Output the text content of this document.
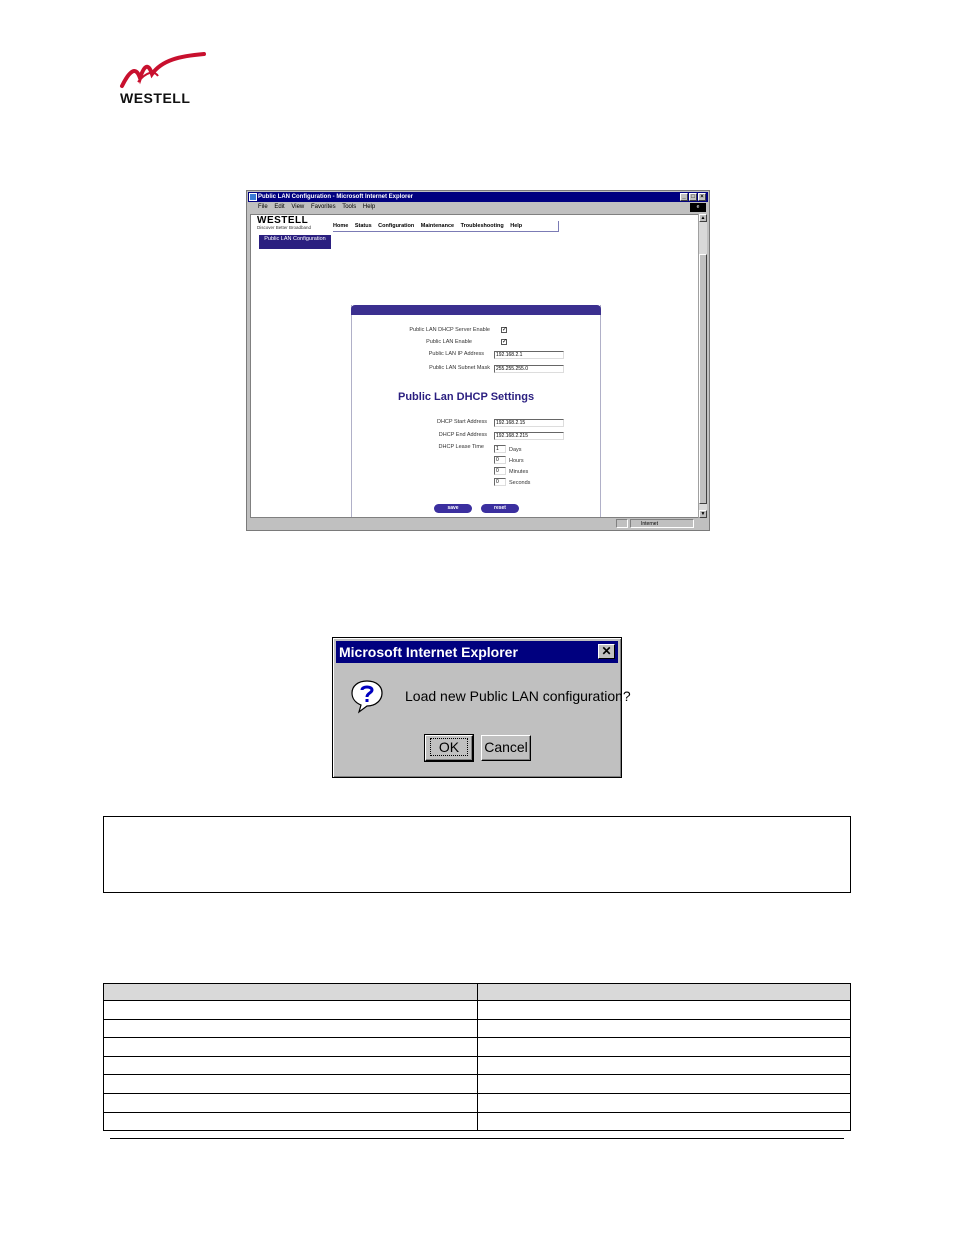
WESTELL
Public LAN Configuration - Microsoft Internet Explorer	_ □ ×
File Edit View Favorites Tools Help	e
WESTELL
Discover Better Broadband	Home Status Configuration Maintenance Troubleshooting Help
Public LAN Configuration
Public LAN DHCP Server Enable ✓
Public LAN Enable	✓
Public LAN IP Address	192.168.2.1
Public LAN Subnet Mask	255.255.255.0
Public Lan DHCP Settings
DHCP Start Address	192.168.2.15
DHCP End Address	192.168.2.215
DHCP Lease Time	1	Days
0	Hours
0	Minutes
0	Seconds
save	reset
▲
▼
Internet
Microsoft Internet Explorer	✕
Load new Public LAN configuration?
OK	Cancel
